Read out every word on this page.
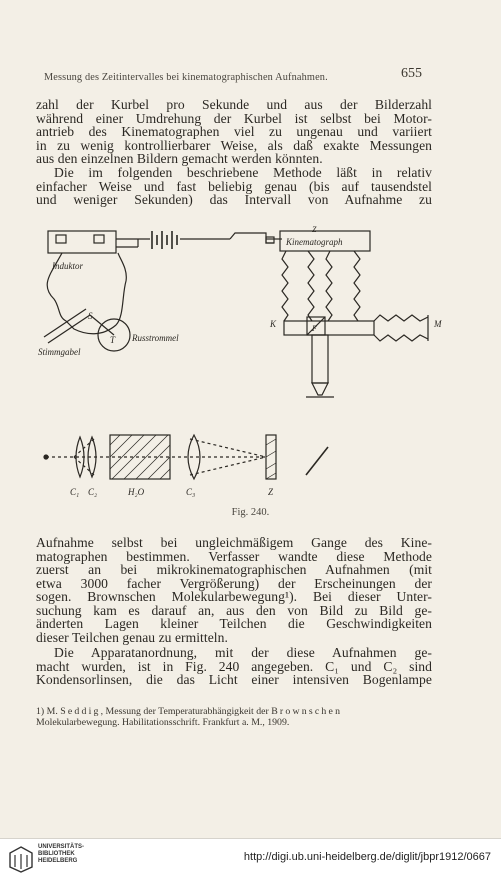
Messung des Zeitintervalles bei kinematographischen Aufnahmen.	655
zahl der Kurbel pro Sekunde und aus der Bilderzahl
während einer Umdrehung der Kurbel ist selbst bei Motor-
antrieb des Kinematographen viel zu ungenau und variiert
in zu wenig kontrollierbarer Weise, als daß exakte Messungen
aus den einzelnen Bildern gemacht werden könnten.
Die im folgenden beschriebene Methode läßt in relativ
einfacher Weise und fast beliebig genau (bis auf tausendstel
und weniger Sekunden) das Intervall von Aufnahme zu
Induktor
Kinematograph
Z
Russtrommel
Stimmgabel
S
T
K	F	M
C₁ C₂	H₂O	C₃	Z
Fig. 240.
Aufnahme selbst bei ungleichmäßigem Gange des Kine-
matographen bestimmen. Verfasser wandte diese Methode
zuerst an bei mikrokinematographischen Aufnahmen (mit
etwa 3000 facher Vergrößerung) der Erscheinungen der
sogen. Brownschen Molekularbewegung¹). Bei dieser Unter-
suchung kam es darauf an, aus den von Bild zu Bild ge-
änderten Lagen kleiner Teilchen die Geschwindigkeiten
dieser Teilchen genau zu ermitteln.
Die Apparatanordnung, mit der diese Aufnahmen ge-
macht wurden, ist in Fig. 240 angegeben. C₁ und C₂ sind
Kondensorlinsen, die das Licht einer intensiven Bogenlampe
1) M. Seddig, Messung der Temperaturabhängigkeit der Brownschen
Molekularbewegung. Habilitationsschrift. Frankfurt a. M., 1909.
UNIVERSITÄTS-
BIBLIOTHEK
HEIDELBERG	http://digi.ub.uni-heidelberg.de/diglit/jbpr1912/0667
